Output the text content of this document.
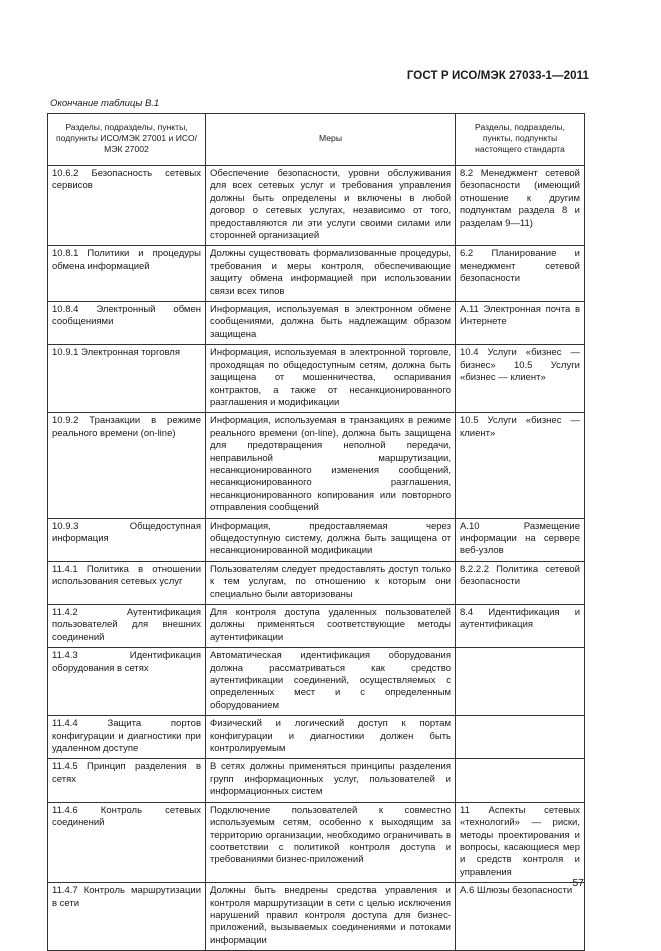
ГОСТ Р ИСО/МЭК 27033-1—2011
Окончание таблицы В.1
Разделы, подразделы, пункты, подпункты ИСО/МЭК 27001 и ИСО/МЭК 27002	Меры	Разделы, подразделы, пункты, подпункты настоящего стандарта
10.6.2 Безопасность сетевых сервисов	Обеспечение безопасности, уровни обслуживания для всех сетевых услуг и требования управления должны быть определены и включены в любой договор о сетевых услугах, независимо от того, предоставляются ли эти услуги своими силами или сторонней организацией	8.2 Менеджмент сетевой безопасности (имеющий отношение к другим подпунктам раздела 8 и разделам 9—11)
10.8.1 Политики и процедуры обмена информацией	Должны существовать формализованные процедуры, требования и меры контроля, обеспечивающие защиту обмена информацией при использовании связи всех типов	6.2 Планирование и менеджмент сетевой безопасности
10.8.4 Электронный обмен сообщениями	Информация, используемая в электронном обмене сообщениями, должна быть надлежащим образом защищена	А.11 Электронная почта в Интернете
10.9.1 Электронная торговля	Информация, используемая в электронной торговле, проходящая по общедоступным сетям, должна быть защищена от мошенничества, оспаривания контрактов, а также от несанкционированного разглашения и модификации	10.4 Услуги «бизнес — бизнес» 10.5 Услуги «бизнес — клиент»
10.9.2 Транзакции в режиме реального времени (on-line)	Информация, используемая в транзакциях в режиме реального времени (on-line), должна быть защищена для предотвращения неполной передачи, неправильной маршрутизации, несанкционированного изменения сообщений, несанкционированного разглашения, несанкционированного копирования или повторного отправления сообщений	10.5 Услуги «бизнес — клиент»
10.9.3 Общедоступная информация	Информация, предоставляемая через общедоступную систему, должна быть защищена от несанкционированной модификации	А.10 Размещение информации на сервере веб-узлов
11.4.1 Политика в отношении использования сетевых услуг	Пользователям следует предоставлять доступ только к тем услугам, по отношению к которым они специально были авторизованы	8.2.2.2 Политика сетевой безопасности
11.4.2 Аутентификация пользователей для внешних соединений	Для контроля доступа удаленных пользователей должны применяться соответствующие методы аутентификации	8.4 Идентификация и аутентификация
11.4.3 Идентификация оборудования в сетях	Автоматическая идентификация оборудования должна рассматриваться как средство аутентификации соединений, осуществляемых с определенных мест и с определенным оборудованием	
11.4.4 Защита портов конфигурации и диагностики при удаленном доступе	Физический и логический доступ к портам конфигурации и диагностики должен быть контролируемым	
11.4.5 Принцип разделения в сетях	В сетях должны применяться принципы разделения групп информационных услуг, пользователей и информационных систем	
11.4.6 Контроль сетевых соединений	Подключение пользователей к совместно используемым сетям, особенно к выходящим за территорию организации, необходимо ограничивать в соответствии с политикой контроля доступа и требованиями бизнес-приложений	11 Аспекты сетевых «технологий» — риски, методы проектирования и вопросы, касающиеся мер и средств контроля и управления
11.4.7 Контроль маршрутизации в сети	Должны быть внедрены средства управления и контроля маршрутизации в сети с целью исключения нарушений правил контроля доступа для бизнес-приложений, вызываемых соединениями и потоками информации	А.6 Шлюзы безопасности
57
